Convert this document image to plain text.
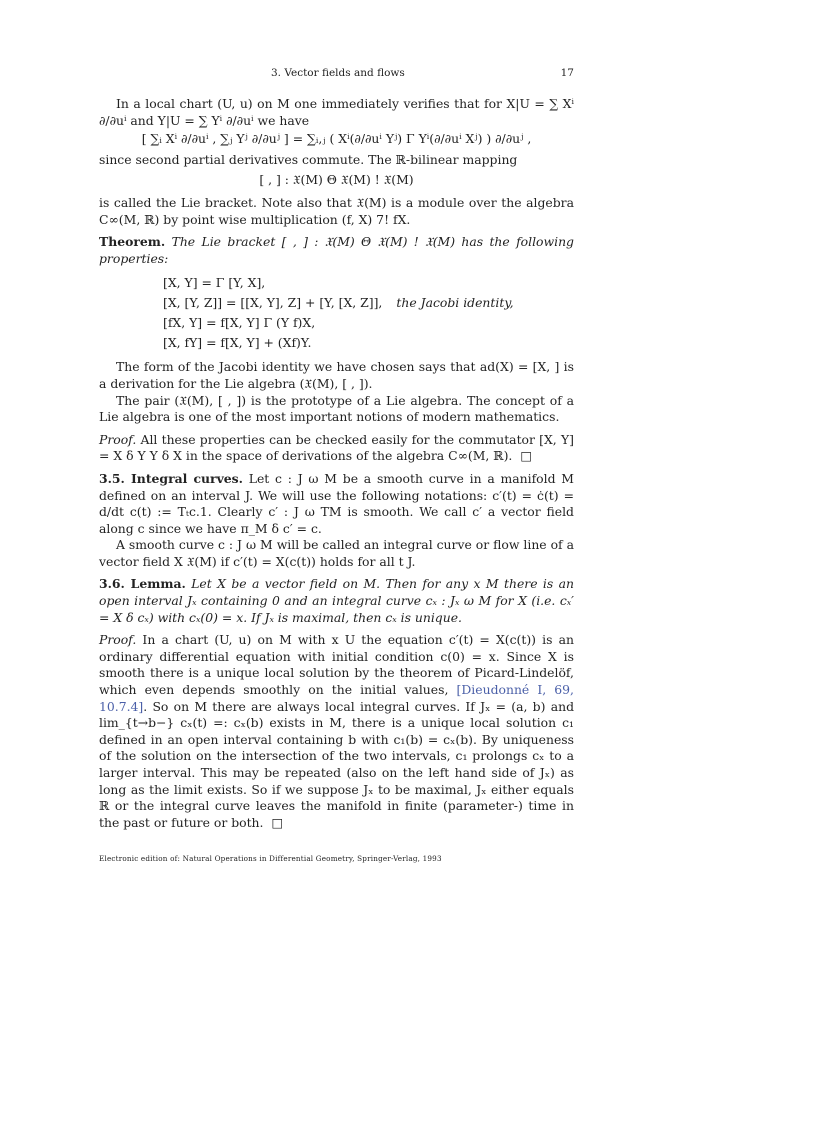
3. Vector fields and flows	17

In a local chart (U, u) on M one immediately verifies that for X|U = ∑ Xⁱ ∂/∂uⁱ and Y|U = ∑ Yⁱ ∂/∂uⁱ we have

[ ∑ᵢ Xⁱ ∂/∂uⁱ , ∑ⱼ Yʲ ∂/∂uʲ ] = ∑ᵢ,ⱼ ( Xⁱ(∂/∂uⁱ Yʲ) Γ Yⁱ(∂/∂uⁱ Xʲ) ) ∂/∂uʲ ,

since second partial derivatives commute. The ℝ-bilinear mapping

[ , ] : 𝔛(M) Θ 𝔛(M) ! 𝔛(M)

is called the Lie bracket. Note also that 𝔛(M) is a module over the algebra C∞(M, ℝ) by point wise multiplication (f, X) 7! fX.

Theorem. The Lie bracket [ , ] : 𝔛(M) Θ 𝔛(M) ! 𝔛(M) has the following properties:

[X, Y] = Γ [Y, X],
[X, [Y, Z]] = [[X, Y], Z] + [Y, [X, Z]], the Jacobi identity,
[fX, Y] = f[X, Y] Γ (Y f)X,
[X, fY] = f[X, Y] + (Xf)Y.

The form of the Jacobi identity we have chosen says that ad(X) = [X, ] is a derivation for the Lie algebra (𝔛(M), [ , ]).

The pair (𝔛(M), [ , ]) is the prototype of a Lie algebra. The concept of a Lie algebra is one of the most important notions of modern mathematics.

Proof. All these properties can be checked easily for the commutator [X, Y] = X δ Y Y δ X in the space of derivations of the algebra C∞(M, ℝ). □

3.5. Integral curves. Let c : J ω M be a smooth curve in a manifold M defined on an interval J. We will use the following notations: c′(t) = ċ(t) = d/dt c(t) := Tₜc.1. Clearly c′ : J ω TM is smooth. We call c′ a vector field along c since we have π_M δ c′ = c.

A smooth curve c : J ω M will be called an integral curve or flow line of a vector field X 𝔛(M) if c′(t) = X(c(t)) holds for all t J.

3.6. Lemma. Let X be a vector field on M. Then for any x M there is an open interval Jₓ containing 0 and an integral curve cₓ : Jₓ ω M for X (i.e. cₓ′ = X δ cₓ) with cₓ(0) = x. If Jₓ is maximal, then cₓ is unique.

Proof. In a chart (U, u) on M with x U the equation c′(t) = X(c(t)) is an ordinary differential equation with initial condition c(0) = x. Since X is smooth there is a unique local solution by the theorem of Picard-Lindelöf, which even depends smoothly on the initial values, [Dieudonné I, 69, 10.7.4]. So on M there are always local integral curves. If Jₓ = (a, b) and lim_{t→b−} cₓ(t) =: cₓ(b) exists in M, there is a unique local solution c₁ defined in an open interval containing b with c₁(b) = cₓ(b). By uniqueness of the solution on the intersection of the two intervals, c₁ prolongs cₓ to a larger interval. This may be repeated (also on the left hand side of Jₓ) as long as the limit exists. So if we suppose Jₓ to be maximal, Jₓ either equals ℝ or the integral curve leaves the manifold in finite (parameter-) time in the past or future or both. □

Electronic edition of: Natural Operations in Differential Geometry, Springer-Verlag, 1993
